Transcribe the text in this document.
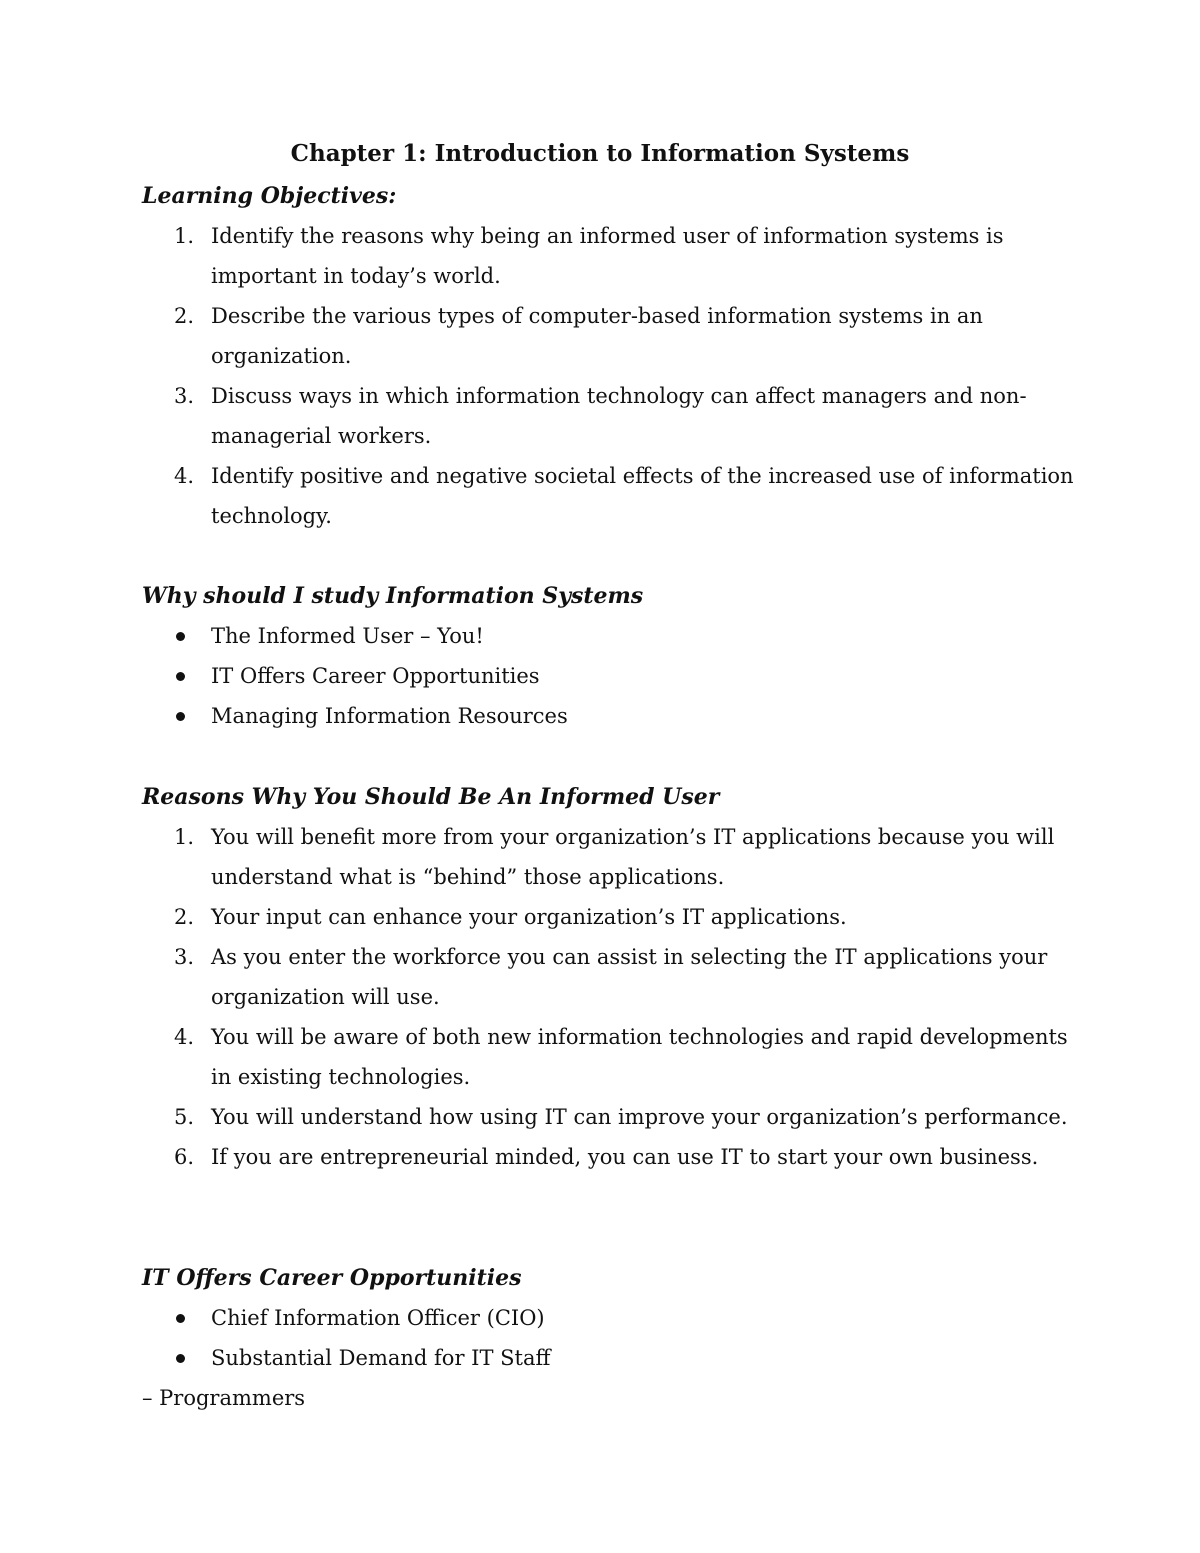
Chapter 1: Introduction to Information Systems
Learning Objectives:
1. Identify the reasons why being an informed user of information systems is important in today’s world.
2. Describe the various types of computer-based information systems in an organization.
3. Discuss ways in which information technology can affect managers and non-managerial workers.
4. Identify positive and negative societal effects of the increased use of information technology.
Why should I study Information Systems
The Informed User – You!
IT Offers Career Opportunities
Managing Information Resources
Reasons Why You Should Be An Informed User
1. You will benefit more from your organization’s IT applications because you will understand what is “behind” those applications.
2. Your input can enhance your organization’s IT applications.
3. As you enter the workforce you can assist in selecting the IT applications your organization will use.
4. You will be aware of both new information technologies and rapid developments in existing technologies.
5. You will understand how using IT can improve your organization’s performance.
6. If you are entrepreneurial minded, you can use IT to start your own business.
IT Offers Career Opportunities
Chief Information Officer (CIO)
Substantial Demand for IT Staff
– Programmers
